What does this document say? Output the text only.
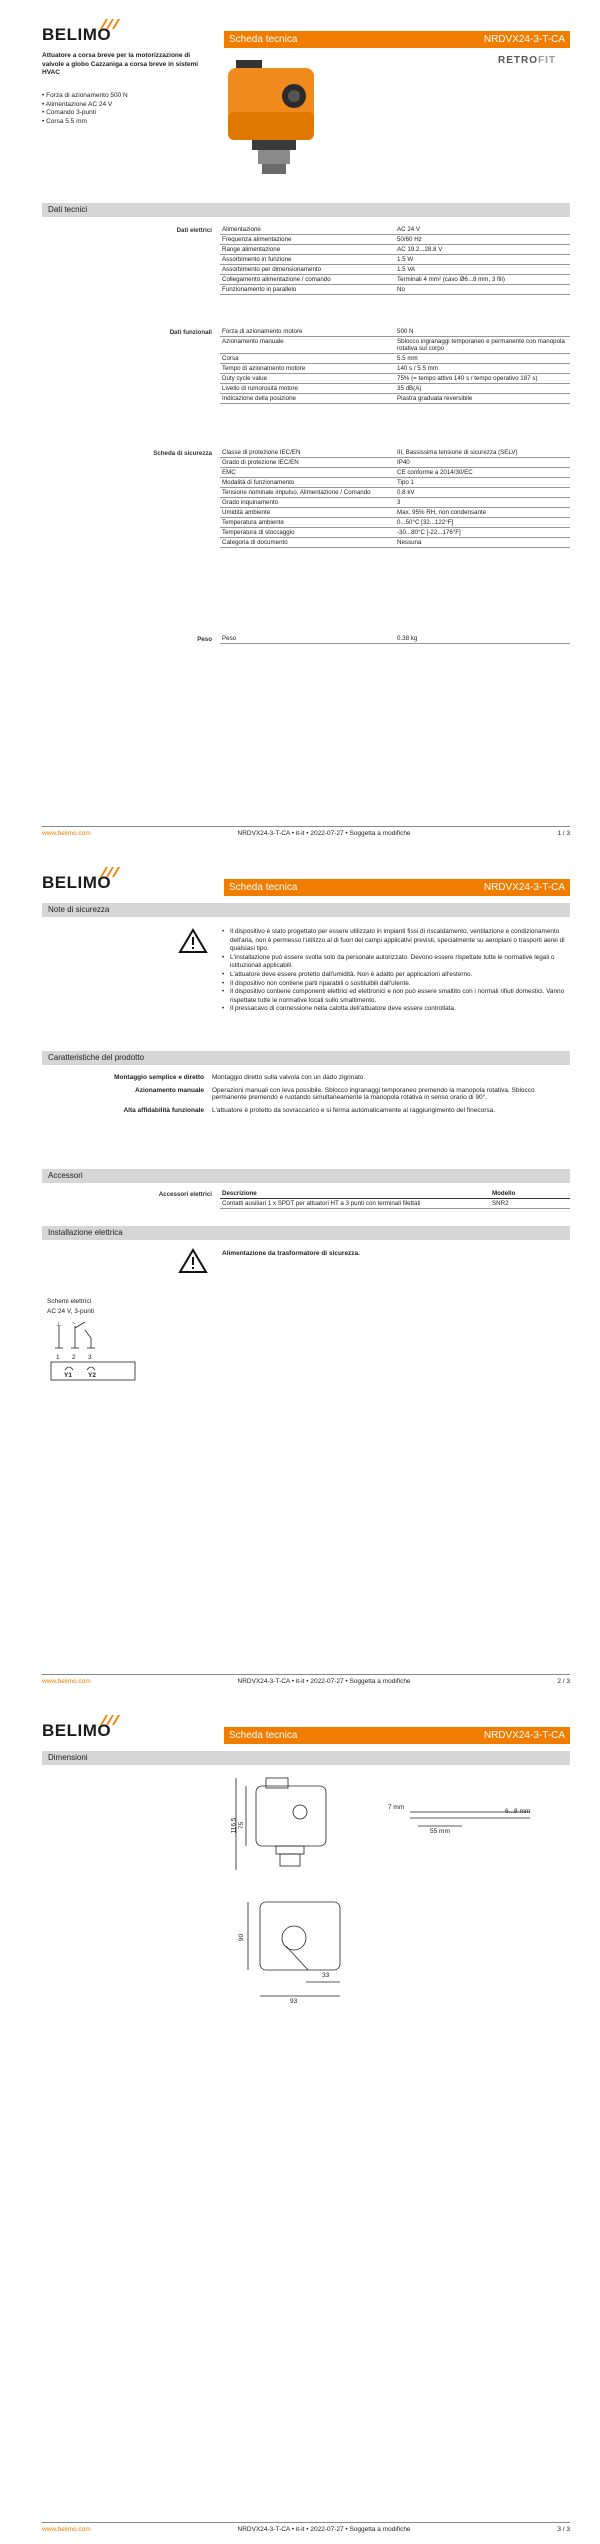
BELIMO	Scheda tecnica	NRDVX24-3-T-CA
RETROFIT
Attuatore a corsa breve per la motorizzazione di valvole a globo Cazzaniga a corsa breve in sistemi HVAC
• Forza di azionamento 500 N
• Alimentazione AC 24 V
• Comando 3-punti
• Corsa 5.5 mm
Dati tecnici
Dati elettrici	Alimentazione	AC 24 V
Frequenza alimentazione	50/60 Hz
Range alimentazione	AC 19.2...28.8 V
Assorbimento in funzione	1.5 W
Assorbimento per dimensionamento	1.5 VA
Collegamento alimentazione / comando	Terminali 4 mm² (cavo Ø6...8 mm, 3 fili)
Funzionamento in parallelo	No
Dati funzionali	Forza di azionamento motore	500 N
Azionamento manuale	Sblocco ingranaggi temporaneo e permanente con manopola rotativa sul corpo
Corsa	5.5 mm
Tempo di azionamento motore	140 s / 5.5 mm
Duty cycle value	75% (= tempo attivo 140 s / tempo operativo 187 s)
Livello di rumorosità motore	35 dB(A)
Indicazione della posizione	Piastra graduata reversibile
Scheda di sicurezza	Classe di protezione IEC/EN	III, Bassissima tensione di sicurezza (SELV)
Grado di protezione IEC/EN	IP40
EMC	CE conforme a 2014/30/EC
Modalità di funzionamento	Tipo 1
Tensione nominale impulso, Alimentazione / Comando	0.8 kV
Grado inquinamento	3
Umidità ambiente	Max. 95% RH, non condensante
Temperatura ambiente	0...50°C [32...122°F]
Temperatura di stoccaggio	-30...80°C [-22...176°F]
Categoria di documento	Nessuna
Peso	Peso	0.38 kg
www.belimo.com	NRDVX24-3-T-CA • it-it • 2022-07-27 • Soggetta a modifiche	1 / 3
BELIMO	Scheda tecnica	NRDVX24-3-T-CA
Note di sicurezza
• Il dispositivo è stato progettato per essere utilizzato in impianti fissi di riscaldamento, ventilazione e condizionamento dell'aria, non è permesso l'utilizzo al di fuori dei campi applicativi previsti, specialmente su aeroplani o trasporti aerei di qualsiasi tipo.
• L'installazione può essere svolta solo da personale autorizzato. Devono essere rispettate tutte le normative legali o istituzionali applicabili.
• L'attuatore deve essere protetto dall'umidità. Non è adatto per applicazioni all'esterno.
• Il dispositivo non contiene parti riparabili o sostituibili dall'utente.
• Il dispositivo contiene componenti elettrici ed elettronici e non può essere smaltito con i normali rifiuti domestici. Vanno rispettate tutte le normative locali sullo smaltimento.
• Il pressacavo di connessione nella calotta dell'attuatore deve essere controllata.
Caratteristiche del prodotto
Montaggio semplice e diretto	Montaggio diretto sulla valvola con un dado zigrinato.
Azionamento manuale	Operazioni manuali con leva possibile. Sblocco ingranaggi temporaneo premendo la manopola rotativa. Sblocco permanente premendo e ruotando simultaneamente la manopola rotativa in senso orario di 90°.
Alta affidabilità funzionale	L'attuatore è protetto da sovraccarico e si ferma automaticamente al raggiungimento del finecorsa.
Accessori
Accessori elettrici	Descrizione	Modello
Contatti ausiliari 1 x SPDT per attuatori HT a 3 punti con terminali filettati	SNR2
Installazione elettrica
Alimentazione da trasformatore di sicurezza.
Schemi elettrici
AC 24 V, 3-punti
⊥ ~
1 2 3
Y1 Y2
www.belimo.com	NRDVX24-3-T-CA • it-it • 2022-07-27 • Soggetta a modifiche	2 / 3
BELIMO	Scheda tecnica	NRDVX24-3-T-CA
Dimensioni
116.5 75
7 mm
55 mm
6...8 mm
90
33
93
www.belimo.com	NRDVX24-3-T-CA • it-it • 2022-07-27 • Soggetta a modifiche	3 / 3
